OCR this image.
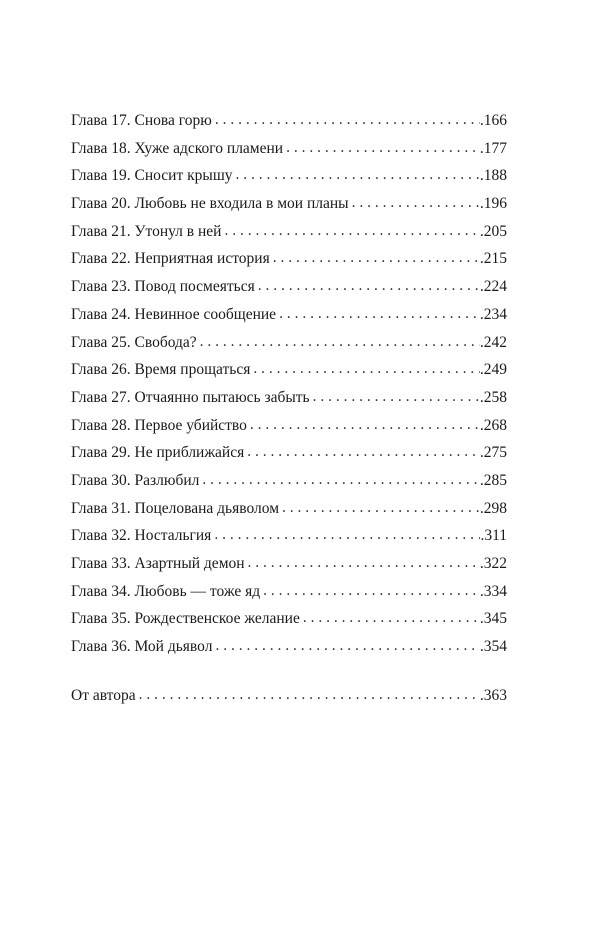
Глава 17. Снова горю . . .	.166
Глава 18. Хуже адского пламени . . .	.177
Глава 19. Сносит крышу . . .	.188
Глава 20. Любовь не входила в мои планы . . .	.196
Глава 21. Утонул в ней . . .	.205
Глава 22. Неприятная история . . .	.215
Глава 23. Повод посмеяться . . .	.224
Глава 24. Невинное сообщение . . .	.234
Глава 25. Свобода? . . .	.242
Глава 26. Время прощаться . . .	.249
Глава 27. Отчаянно пытаюсь забыть . . .	.258
Глава 28. Первое убийство . . .	.268
Глава 29. Не приближайся . . .	.275
Глава 30. Разлюбил . . .	.285
Глава 31. Поцелована дьяволом . . .	.298
Глава 32. Ностальгия . . .	.311
Глава 33. Азартный демон . . .	.322
Глава 34. Любовь — тоже яд . . .	.334
Глава 35. Рождественское желание . . .	.345
Глава 36. Мой дьявол . . .	.354
От автора . . .	.363
